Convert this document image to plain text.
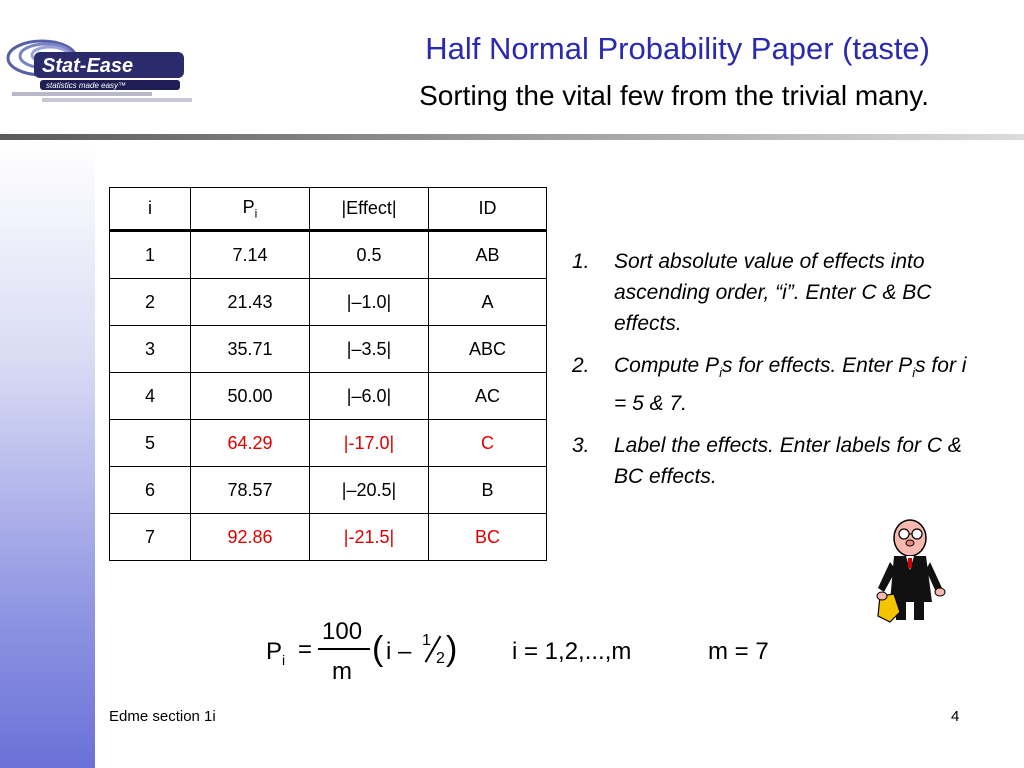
Stat-Ease
statistics made easy™
Half Normal Probability Paper (taste)
Sorting the vital few from the trivial many.
i	$P_i$	|Effect|	ID
1	7.14	0.5	AB
2	21.43	|–1.0|	A
3	35.71	|–3.5|	ABC
4	50.00	|–6.0|	AC
5	64.29	|-17.0|	C
6	78.57	|–20.5|	B
7	92.86	|-21.5|	BC
1. Sort absolute value of effects into ascending order, “i”. Enter C & BC effects.
2. Compute $P_is$ for effects. Enter $P_is$ for i = 5 & 7.
3. Label the effects. Enter labels for C & BC effects.
P i =
100
m
( i – 1
2 ) i = 1,2,...,m	m = 7
Edme section 1i	4
